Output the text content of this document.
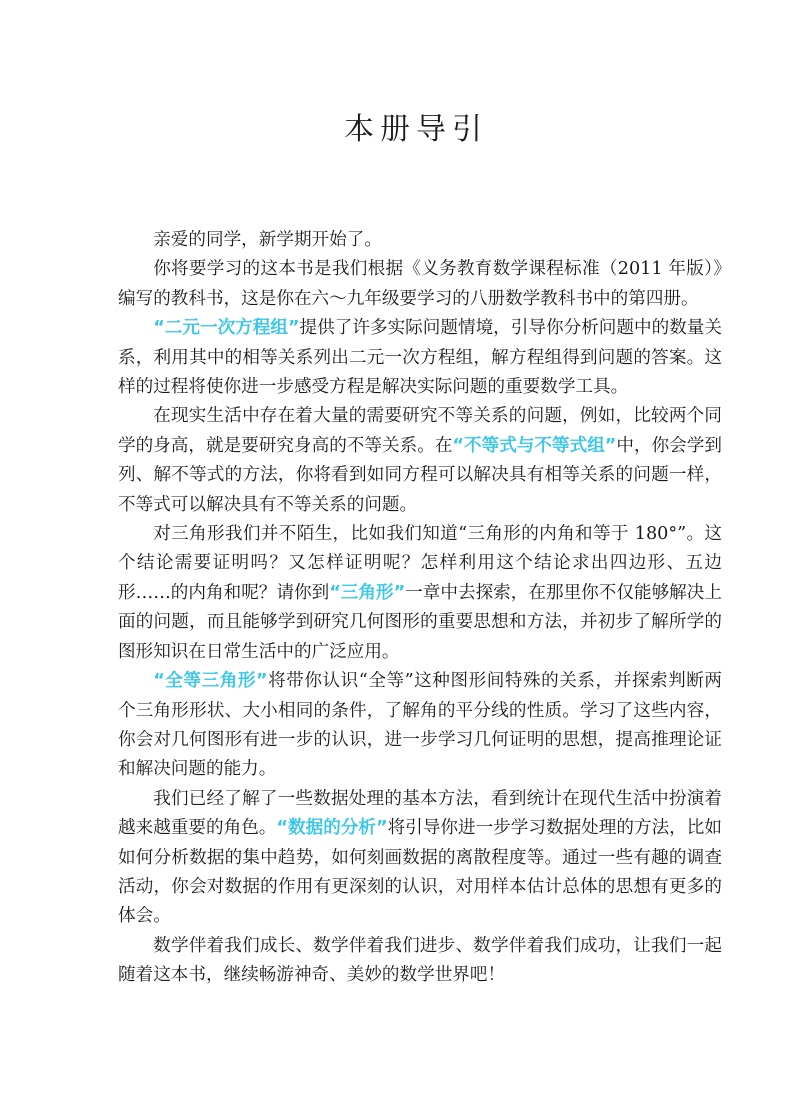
本册导引

亲爱的同学，新学期开始了。

你将要学习的这本书是我们根据《义务教育数学课程标准（2011 年版）》编写的教科书，这是你在六～九年级要学习的八册数学教科书中的第四册。

“二元一次方程组”提供了许多实际问题情境，引导你分析问题中的数量关系，利用其中的相等关系列出二元一次方程组，解方程组得到问题的答案。这样的过程将使你进一步感受方程是解决实际问题的重要数学工具。

在现实生活中存在着大量的需要研究不等关系的问题，例如，比较两个同学的身高，就是要研究身高的不等关系。在“不等式与不等式组”中，你会学到列、解不等式的方法，你将看到如同方程可以解决具有相等关系的问题一样，不等式可以解决具有不等关系的问题。

对三角形我们并不陌生，比如我们知道“三角形的内角和等于 180°”。这个结论需要证明吗？又怎样证明呢？怎样利用这个结论求出四边形、五边形……的内角和呢？请你到“三角形”一章中去探索，在那里你不仅能够解决上面的问题，而且能够学到研究几何图形的重要思想和方法，并初步了解所学的图形知识在日常生活中的广泛应用。

“全等三角形”将带你认识“全等”这种图形间特殊的关系，并探索判断两个三角形形状、大小相同的条件，了解角的平分线的性质。学习了这些内容，你会对几何图形有进一步的认识，进一步学习几何证明的思想，提高推理论证和解决问题的能力。

我们已经了解了一些数据处理的基本方法，看到统计在现代生活中扮演着越来越重要的角色。“数据的分析”将引导你进一步学习数据处理的方法，比如如何分析数据的集中趋势，如何刻画数据的离散程度等。通过一些有趣的调查活动，你会对数据的作用有更深刻的认识，对用样本估计总体的思想有更多的体会。

数学伴着我们成长、数学伴着我们进步、数学伴着我们成功，让我们一起随着这本书，继续畅游神奇、美妙的数学世界吧！
